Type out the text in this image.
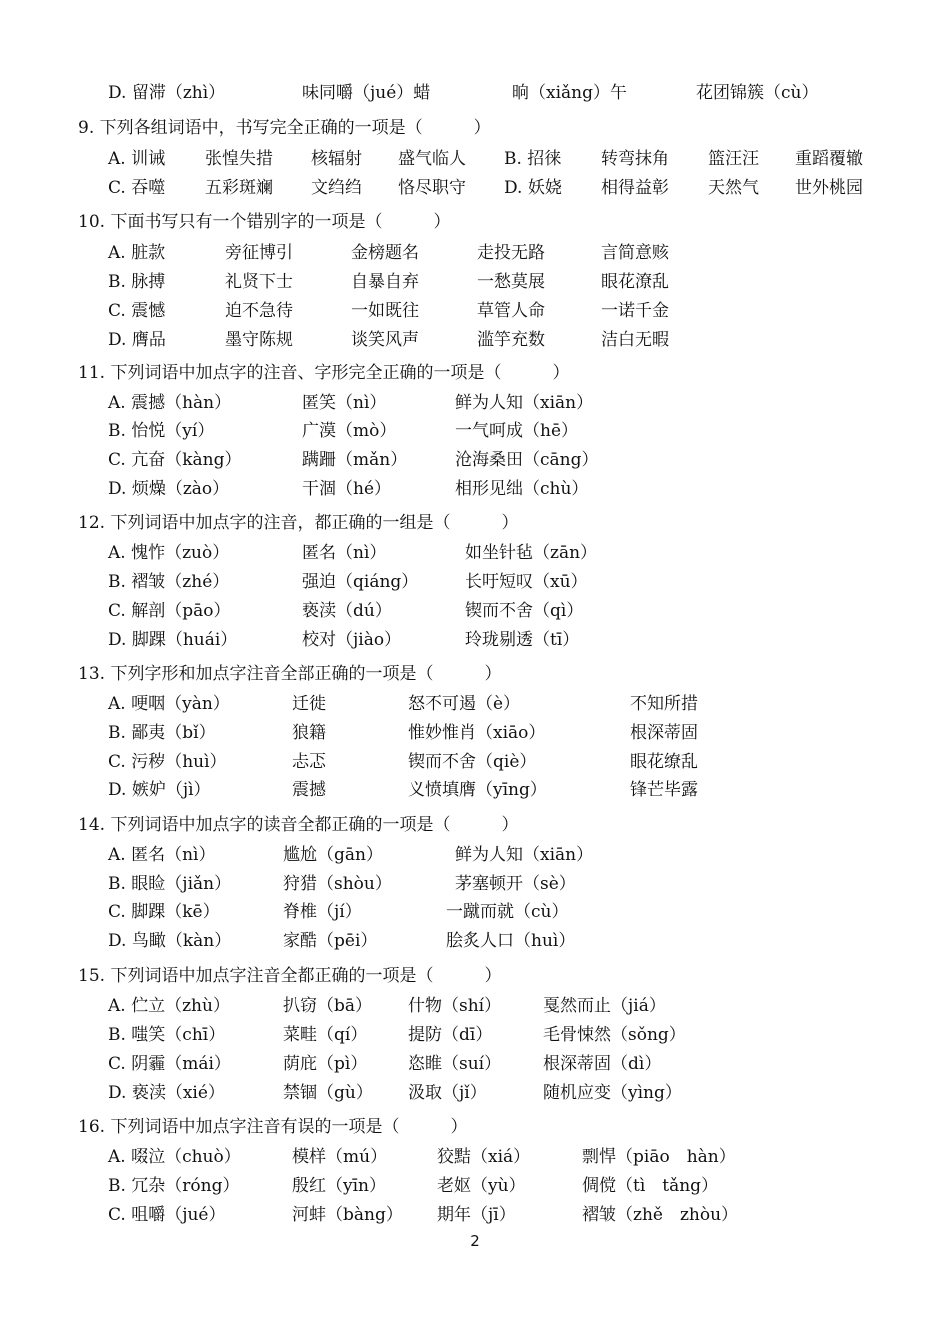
D. 留滞（zhì）	味同嚼（jué）蜡	晌（xiǎng）午	花团锦簇（cù）
9. 下列各组词语中，书写完全正确的一项是（　　　）
A. 训诫 张惶失措 核辐射 盛气临人 B. 招徕 转弯抹角 篮汪汪 重蹈覆辙
C. 吞噬 五彩斑斓 文绉绉 恪尽职守 D. 妖娆 相得益彰 天然气 世外桃园
10. 下面书写只有一个错别字的一项是（　　　）
A. 脏款	旁征博引	金榜题名	走投无路	言简意赅
B. 脉搏	礼贤下士	自暴自弃	一愁莫展	眼花潦乱
C. 震憾	迫不急待	一如既往	草管人命	一诺千金
D. 膺品	墨守陈规	谈笑风声	滥竽充数	洁白无暇
11. 下列词语中加点字的注音、字形完全正确的一项是（　　　）
A. 震撼（hàn）	匿笑（nì）	鲜为人知（xiān）
B. 怡悦（yí）	广漠（mò）	一气呵成（hē）
C. 亢奋（kàng）	蹒跚（mǎn）	沧海桑田（cāng）
D. 烦燥（zào）	干涸（hé）	相形见绌（chù）
12. 下列词语中加点字的注音，都正确的一组是（　　　）
A. 愧怍（zuò）	匿名（nì）	如坐针毡（zān）
B. 褶皱（zhé）	强迫（qiáng）	长吁短叹（xū）
C. 解剖（pāo）	亵渎（dú）	锲而不舍（qì）
D. 脚踝（huái）	校对（jiào）	玲珑剔透（tī）
13. 下列字形和加点字注音全部正确的一项是（　　　）
A. 哽咽（yàn）	迁徙	怒不可遏（è）	不知所措
B. 鄙夷（bǐ）	狼籍	惟妙惟肖（xiāo）	根深蒂固
C. 污秽（huì）	忐忑	锲而不舍（qiè）	眼花缭乱
D. 嫉妒（jì）	震撼	义愤填膺（yīng）	锋芒毕露
14. 下列词语中加点字的读音全都正确的一项是（　　　）
A. 匿名（nì）	尴尬（gān）	鲜为人知（xiān）
B. 眼睑（jiǎn）	狩猎（shòu）	茅塞顿开（sè）
C. 脚踝（kē）	脊椎（jí）	一蹴而就（cù）
D. 鸟瞰（kàn）	家酷（pēi）	脍炙人口（huì）
15. 下列词语中加点字注音全都正确的一项是（　　　）
A. 伫立（zhù）	扒窃（bā） 什物（shí） 戛然而止（jiá）
B. 嗤笑（chī）	菜畦（qí） 提防（dī）	毛骨悚然（sǒng）
C. 阴霾（mái）	荫庇（pì） 恣睢（suí） 根深蒂固（dì）
D. 亵渎（xié）	禁锢（gù） 汲取（jǐ）	随机应变（yìng）
16. 下列词语中加点字注音有误的一项是（　　　）
A. 啜泣（chuò）	模样（mú）	狡黠（xiá）	剽悍（piāo　hàn）
B. 冗杂（róng）	殷红（yīn）	老妪（yù）	倜傥（tì　tǎng）
C. 咀嚼（jué）	河蚌（bàng） 期年（jī）	褶皱（zhě　zhòu）
2
